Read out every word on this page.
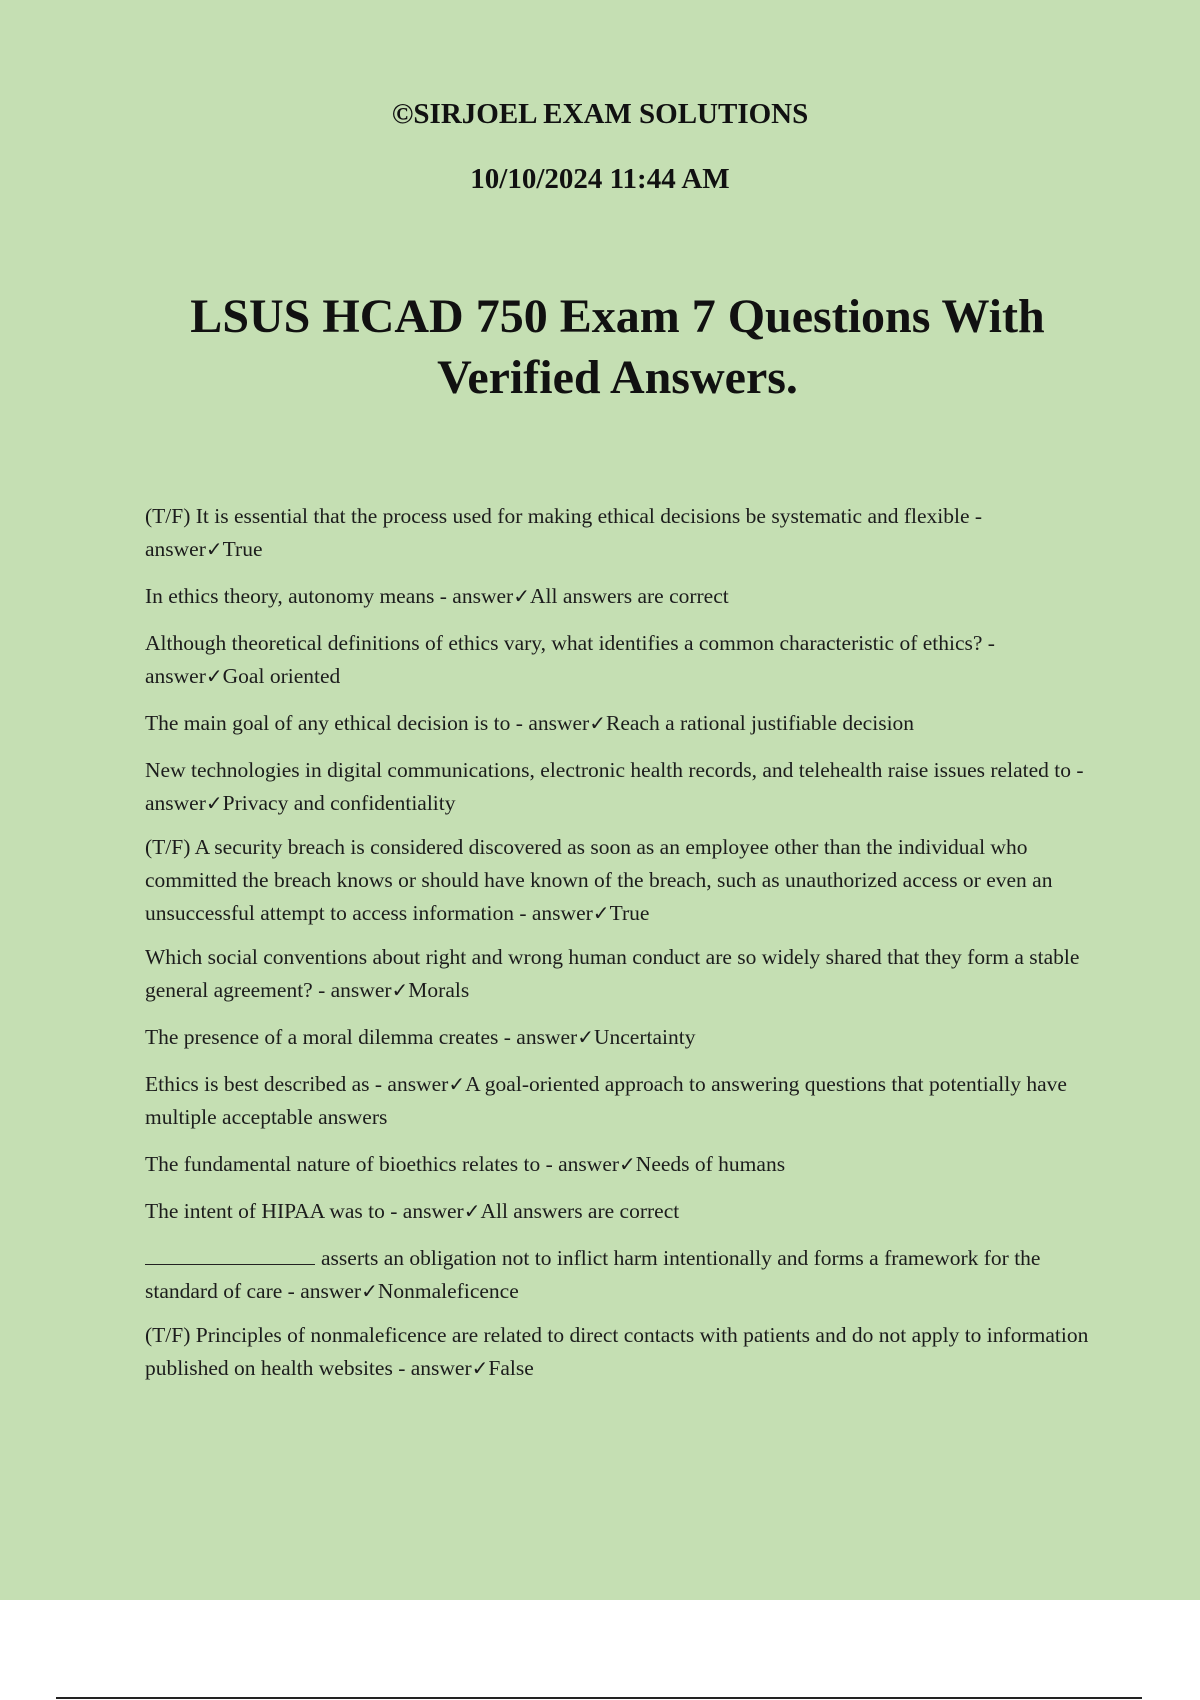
©SIRJOEL EXAM SOLUTIONS
10/10/2024 11:44 AM
LSUS HCAD 750 Exam 7 Questions With Verified Answers.
(T/F) It is essential that the process used for making ethical decisions be systematic and flexible - answer✓True
In ethics theory, autonomy means - answer✓All answers are correct
Although theoretical definitions of ethics vary, what identifies a common characteristic of ethics? - answer✓Goal oriented
The main goal of any ethical decision is to - answer✓Reach a rational justifiable decision
New technologies in digital communications, electronic health records, and telehealth raise issues related to - answer✓Privacy and confidentiality
(T/F) A security breach is considered discovered as soon as an employee other than the individual who committed the breach knows or should have known of the breach, such as unauthorized access or even an unsuccessful attempt to access information - answer✓True
Which social conventions about right and wrong human conduct are so widely shared that they form a stable general agreement? - answer✓Morals
The presence of a moral dilemma creates - answer✓Uncertainty
Ethics is best described as - answer✓A goal-oriented approach to answering questions that potentially have multiple acceptable answers
The fundamental nature of bioethics relates to - answer✓Needs of humans
The intent of HIPAA was to - answer✓All answers are correct
asserts an obligation not to inflict harm intentionally and forms a framework for the standard of care - answer✓Nonmaleficence
(T/F) Principles of nonmaleficence are related to direct contacts with patients and do not apply to information published on health websites - answer✓False
